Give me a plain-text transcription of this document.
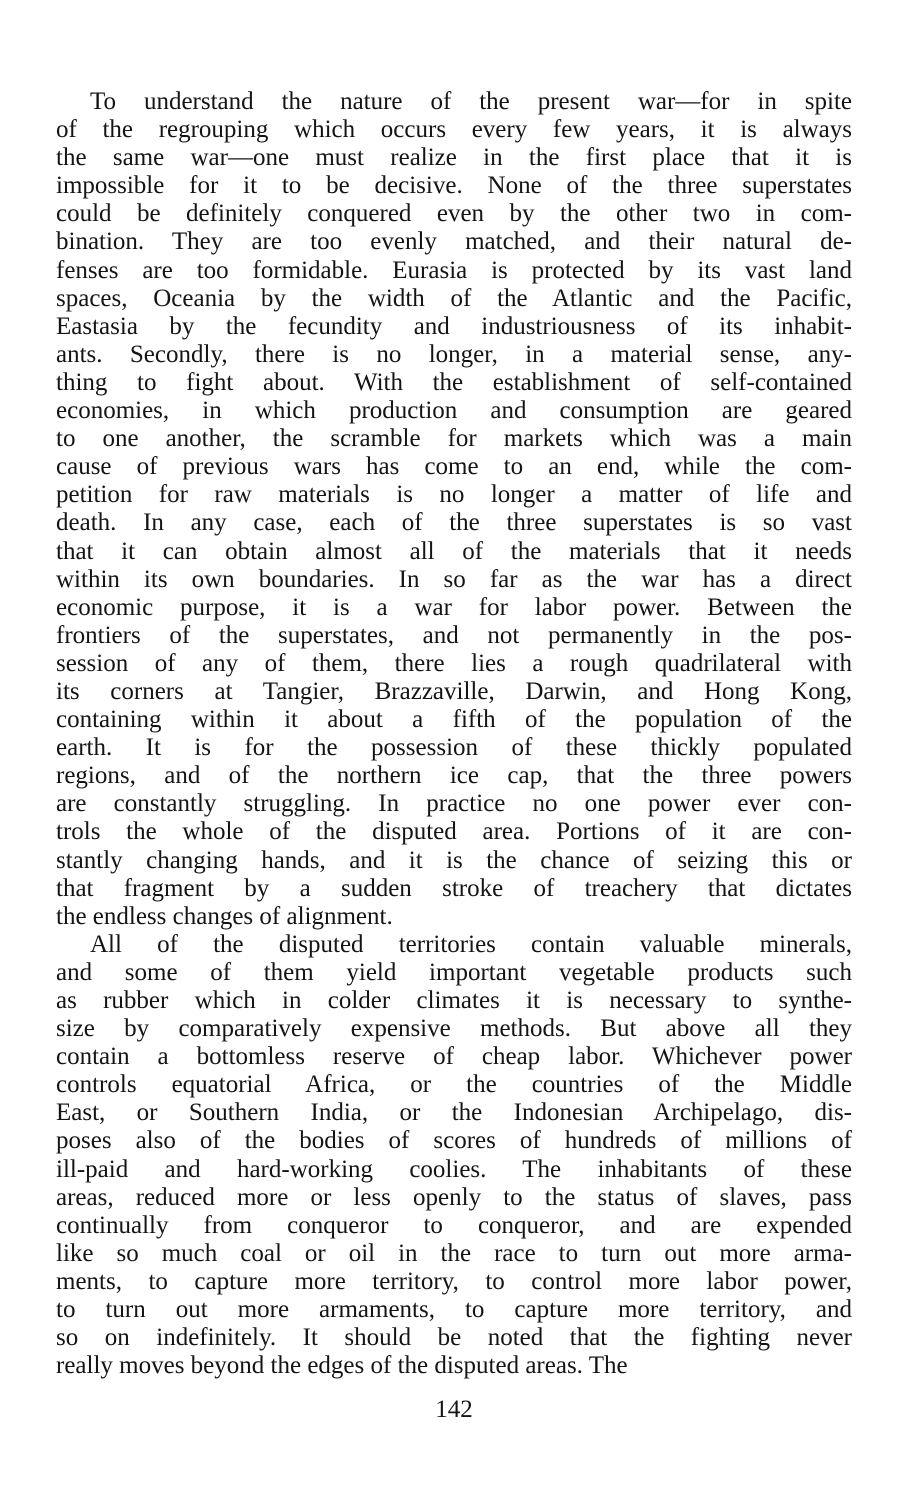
To understand the nature of the present war—for in spite
of the regrouping which occurs every few years, it is always
the same war—one must realize in the first place that it is
impossible for it to be decisive. None of the three superstates
could be definitely conquered even by the other two in com-
bination. They are too evenly matched, and their natural de-
fenses are too formidable. Eurasia is protected by its vast land
spaces, Oceania by the width of the Atlantic and the Pacific,
Eastasia by the fecundity and industriousness of its inhabit-
ants. Secondly, there is no longer, in a material sense, any-
thing to fight about. With the establishment of self-contained
economies, in which production and consumption are geared
to one another, the scramble for markets which was a main
cause of previous wars has come to an end, while the com-
petition for raw materials is no longer a matter of life and
death. In any case, each of the three superstates is so vast
that it can obtain almost all of the materials that it needs
within its own boundaries. In so far as the war has a direct
economic purpose, it is a war for labor power. Between the
frontiers of the superstates, and not permanently in the pos-
session of any of them, there lies a rough quadrilateral with
its corners at Tangier, Brazzaville, Darwin, and Hong Kong,
containing within it about a fifth of the population of the
earth. It is for the possession of these thickly populated
regions, and of the northern ice cap, that the three powers
are constantly struggling. In practice no one power ever con-
trols the whole of the disputed area. Portions of it are con-
stantly changing hands, and it is the chance of seizing this or
that fragment by a sudden stroke of treachery that dictates
the endless changes of alignment.
All of the disputed territories contain valuable minerals,
and some of them yield important vegetable products such
as rubber which in colder climates it is necessary to synthe-
size by comparatively expensive methods. But above all they
contain a bottomless reserve of cheap labor. Whichever power
controls equatorial Africa, or the countries of the Middle
East, or Southern India, or the Indonesian Archipelago, dis-
poses also of the bodies of scores of hundreds of millions of
ill-paid and hard-working coolies. The inhabitants of these
areas, reduced more or less openly to the status of slaves, pass
continually from conqueror to conqueror, and are expended
like so much coal or oil in the race to turn out more arma-
ments, to capture more territory, to control more labor power,
to turn out more armaments, to capture more territory, and
so on indefinitely. It should be noted that the fighting never
really moves beyond the edges of the disputed areas. The
142
